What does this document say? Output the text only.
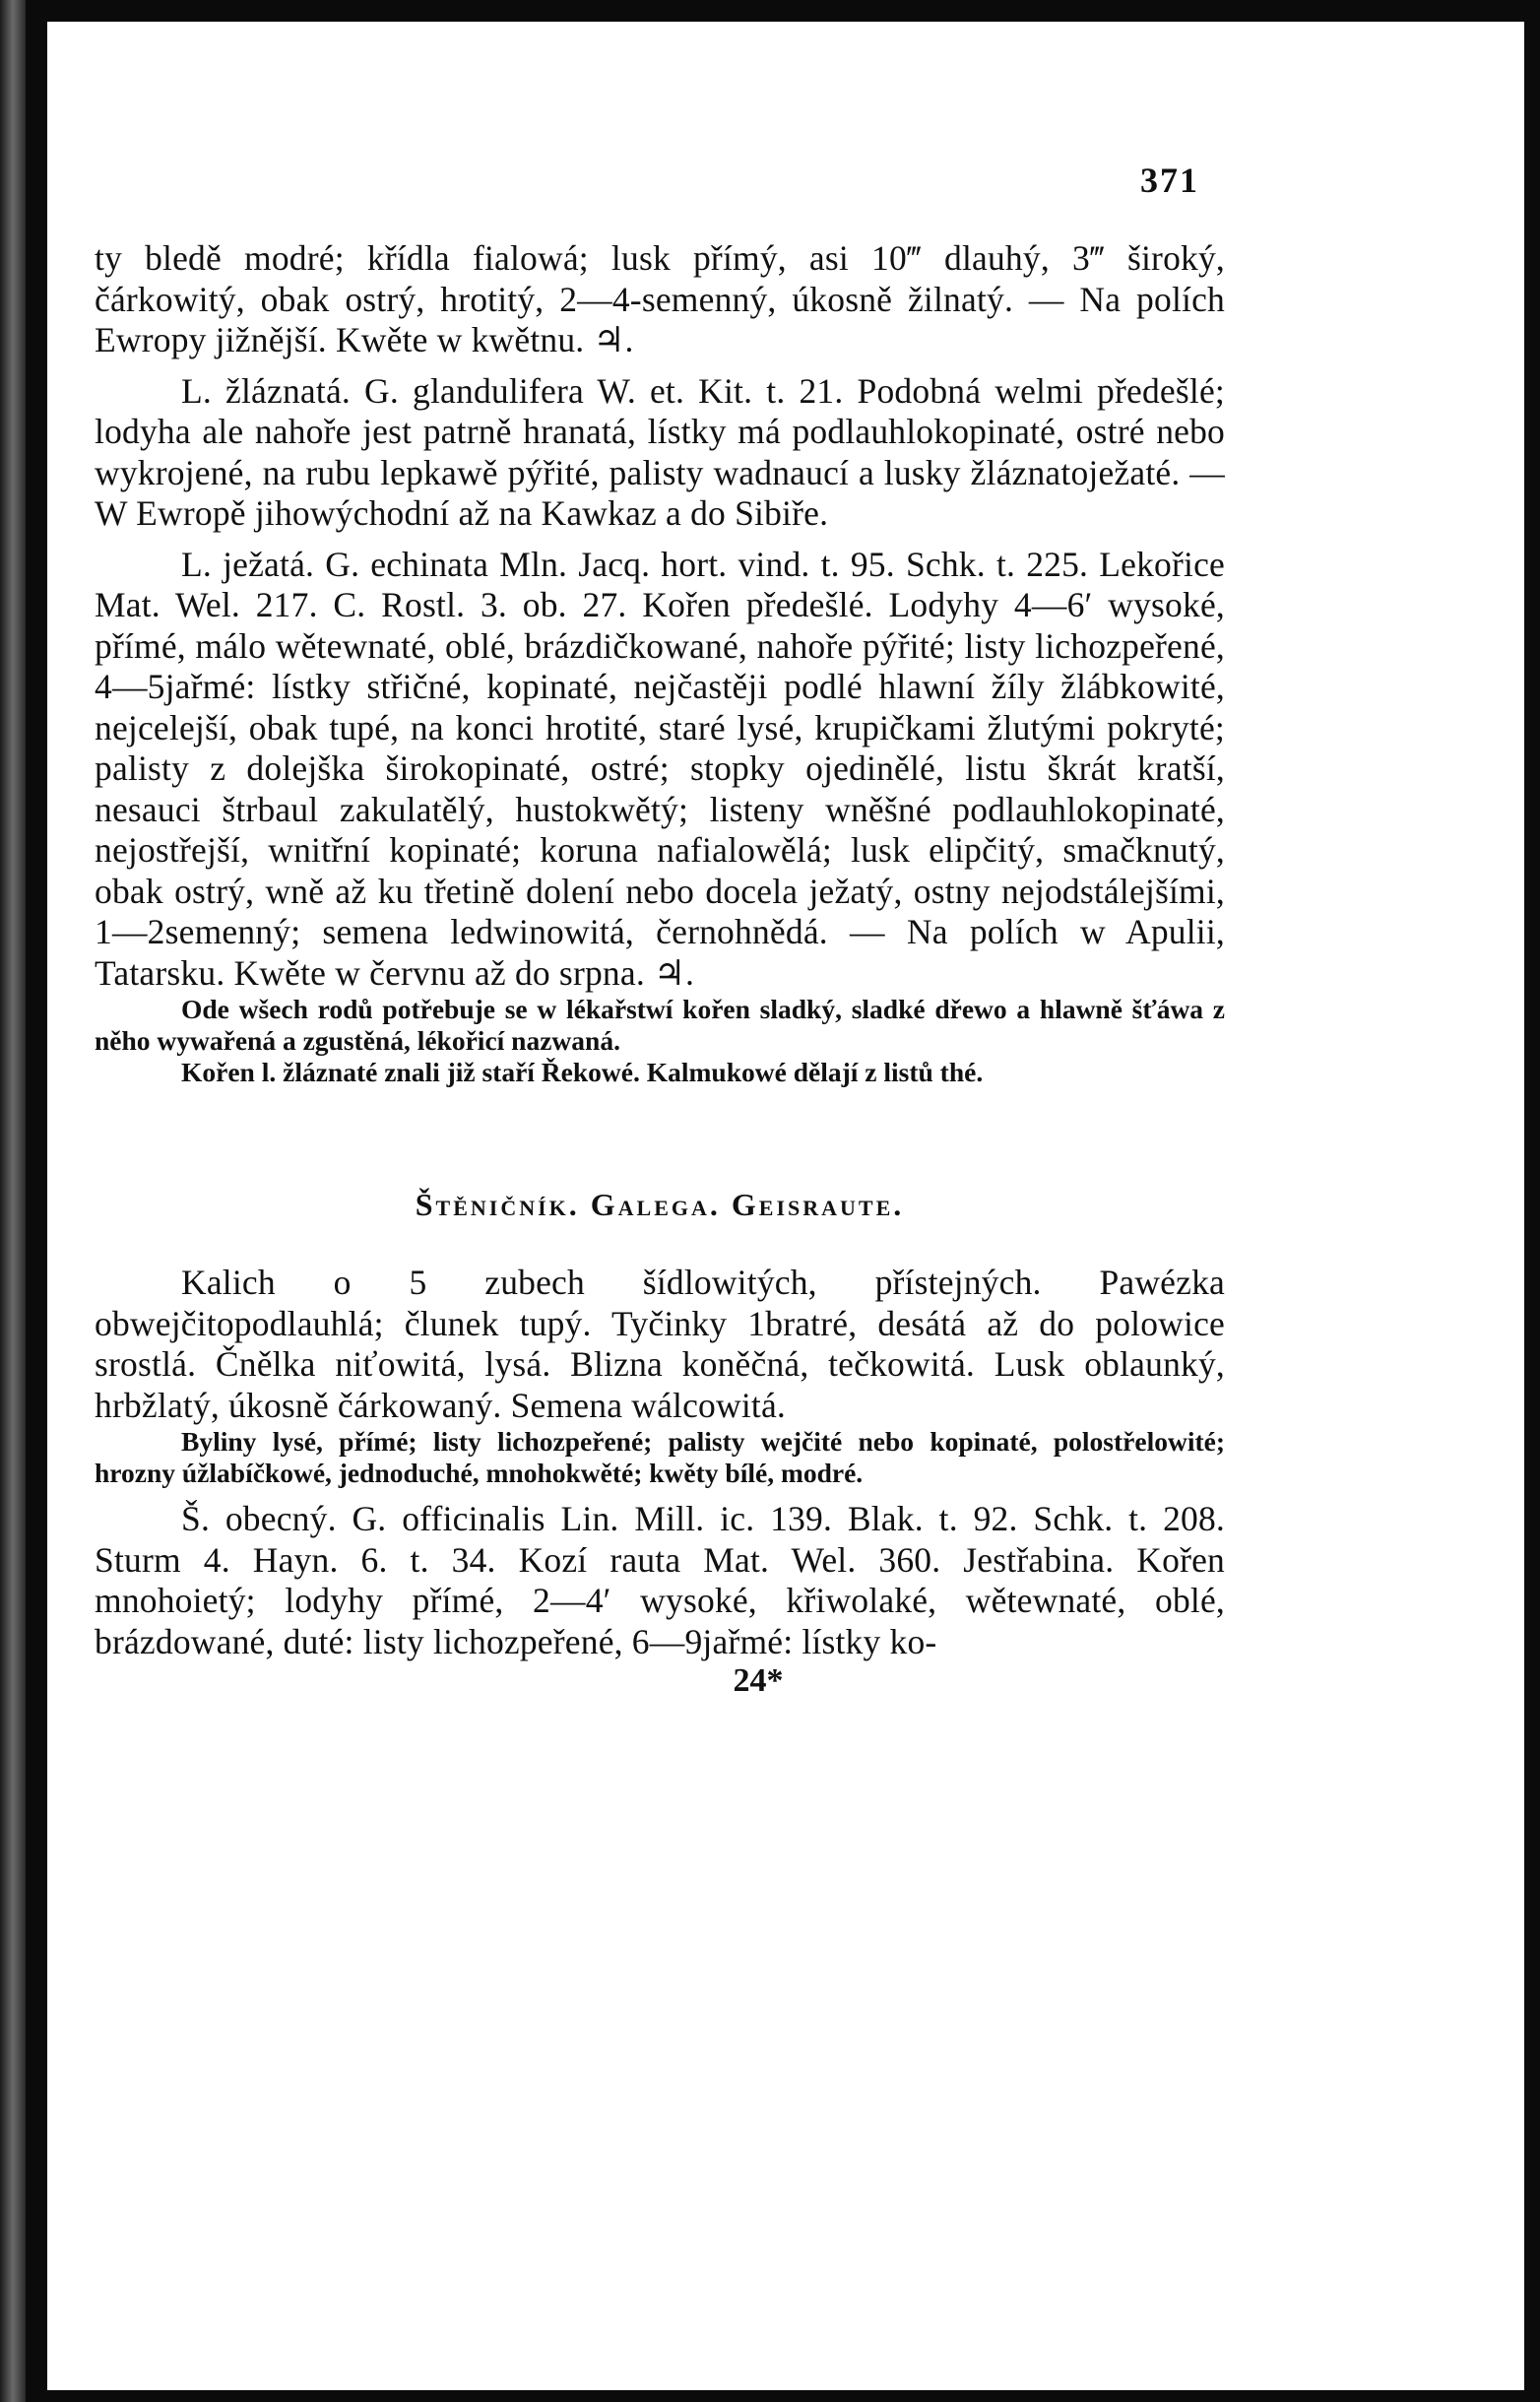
371

ty bledě modré; křídla fialowá; lusk přímý, asi 10‴ dlauhý, 3‴ široký, čárkowitý, obak ostrý, hrotitý, 2—4-semenný, úkosně žilnatý. — Na polích Ewropy jižnější. Kwěte w kwětnu. ♃.

L. žláznatá. G. glandulifera W. et. Kit. t. 21. Podobná welmi předešlé; lodyha ale nahoře jest patrně hranatá, lístky má podlauhlokopinaté, ostré nebo wykrojené, na rubu lepkawě pýřité, palisty wadnaucí a lusky žláznatoježaté. — W Ewropě jihowýchodní až na Kawkaz a do Sibiře.

L. ježatá. G. echinata Mln. Jacq. hort. vind. t. 95. Schk. t. 225. Lekořice Mat. Wel. 217. C. Rostl. 3. ob. 27. Kořen předešlé. Lodyhy 4—6′ wysoké, přímé, málo wětewnaté, oblé, brázdičkowané, nahoře pýřité; listy lichozpeřené, 4—5jařmé: lístky střičné, kopinaté, nejčastěji podlé hlawní žíly žlábkowité, nejcelejší, obak tupé, na konci hrotité, staré lysé, krupičkami žlutými pokryté; palisty z dolejška širokopinaté, ostré; stopky ojedinělé, listu škrát kratší, nesauci štrbaul zakulatělý, hustokwětý; listeny wněšné podlauhlokopinaté, nejostřejší, wnitřní kopinaté; koruna nafialowělá; lusk elipčitý, smačknutý, obak ostrý, wně až ku třetině dolení nebo docela ježatý, ostny nejodstálejšími, 1—2semenný; semena ledwinowitá, černohnědá. — Na polích w Apulii, Tatarsku. Kwěte w červnu až do srpna. ♃.

Ode wšech rodů potřebuje se w lékařstwí kořen sladký, sladké dřewo a hlawně šťáwa z něho wywařená a zgustěná, lékořicí nazwaná.

Kořen l. žláznaté znali již staří Řekowé. Kalmukowé dělají z listů thé.

Štěničník. Galega. Geisraute.

Kalich o 5 zubech šídlowitých, přístejných. Pawézka obwejčitopodlauhlá; člunek tupý. Tyčinky 1bratré, desátá až do polowice srostlá. Čnělka niťowitá, lysá. Blizna koněčná, tečkowitá. Lusk oblaunký, hrbžlatý, úkosně čárkowaný. Semena wálcowitá.

Byliny lysé, přímé; listy lichozpeřené; palisty wejčité nebo kopinaté, polostřelowité; hrozny úžlabíčkowé, jednoduché, mnohokwěté; kwěty bílé, modré.

Š. obecný. G. officinalis Lin. Mill. ic. 139. Blak. t. 92. Schk. t. 208. Sturm 4. Hayn. 6. t. 34. Kozí rauta Mat. Wel. 360. Jestřabina. Kořen mnohoietý; lodyhy přímé, 2—4′ wysoké, křiwolaké, wětewnaté, oblé, brázdowané, duté: listy lichozpeřené, 6—9jařmé: lístky ko-

24*
